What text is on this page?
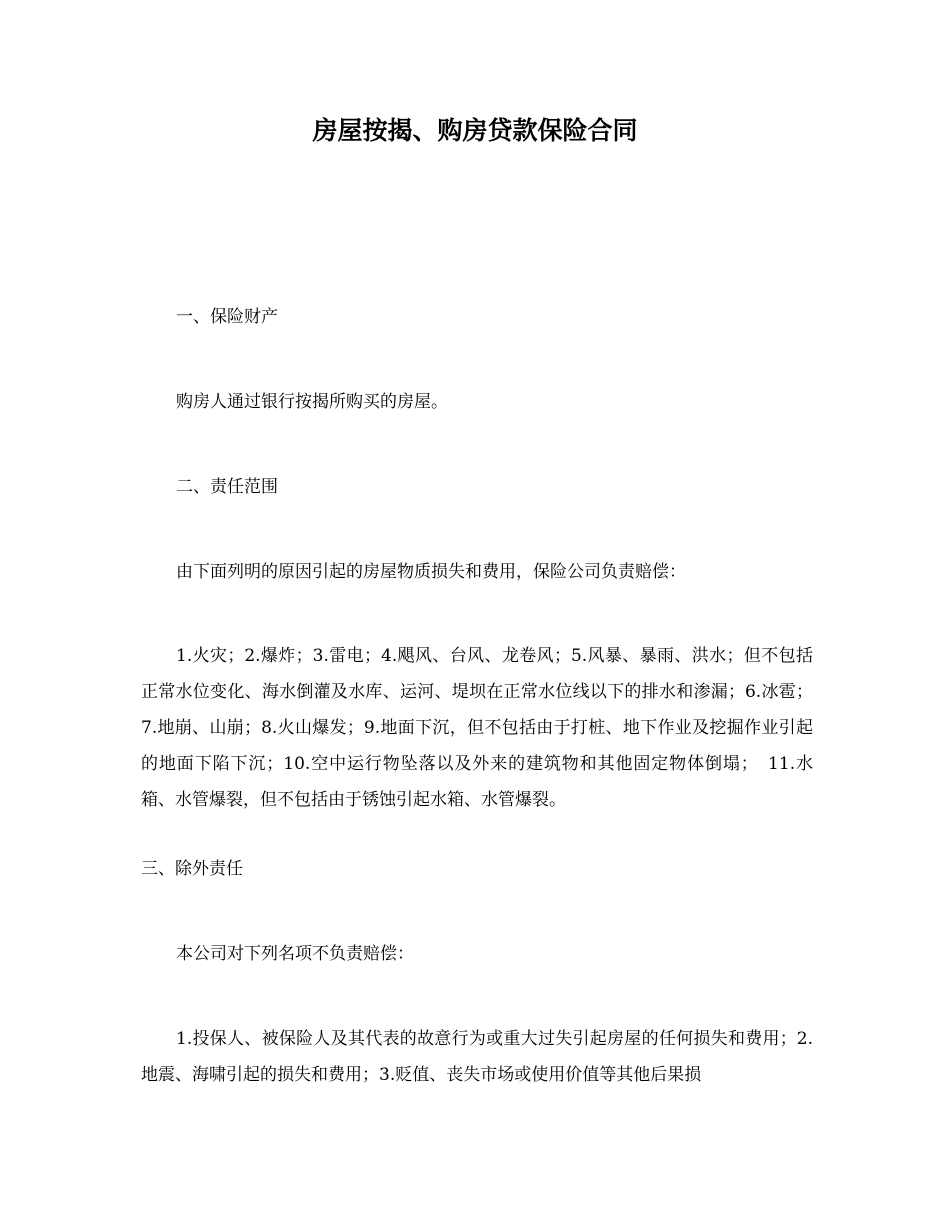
房屋按揭、购房贷款保险合同

一、保险财产

购房人通过银行按揭所购买的房屋。

二、责任范围

由下面列明的原因引起的房屋物质损失和费用，保险公司负责赔偿：

1.火灾；2.爆炸；3.雷电；4.飓风、台风、龙卷风；5.风暴、暴雨、洪水；但不包括正常水位变化、海水倒灌及水库、运河、堤坝在正常水位线以下的排水和渗漏；6.冰雹；7.地崩、山崩；8.火山爆发；9.地面下沉，但不包括由于打桩、地下作业及挖掘作业引起的地面下陷下沉；10.空中运行物坠落以及外来的建筑物和其他固定物体倒塌；　11.水箱、水管爆裂，但不包括由于锈蚀引起水箱、水管爆裂。

三、除外责任

本公司对下列名项不负责赔偿：

1.投保人、被保险人及其代表的故意行为或重大过失引起房屋的任何损失和费用；2.地震、海啸引起的损失和费用；3.贬值、丧失市场或使用价值等其他后果损
